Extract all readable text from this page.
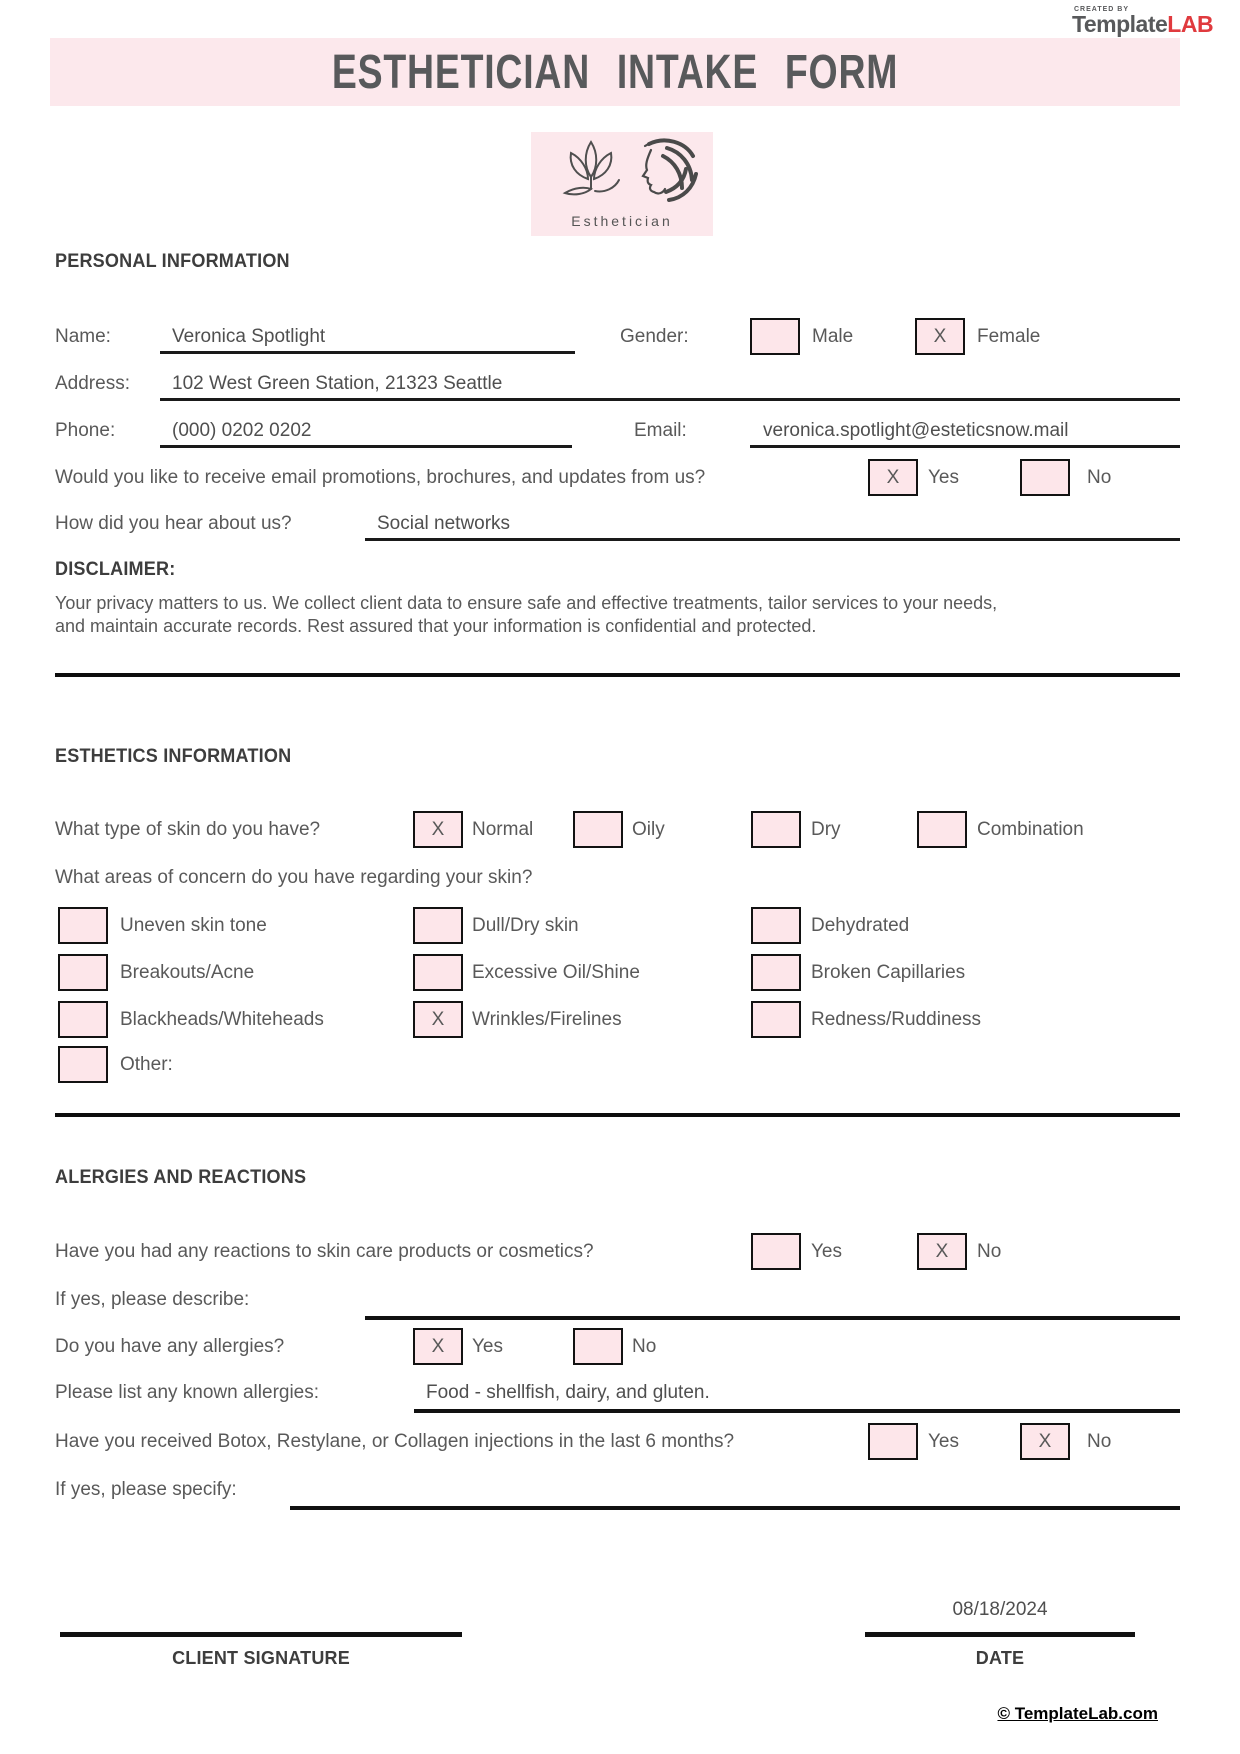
CREATED BY
TemplateLAB
ESTHETICIAN INTAKE FORM
Esthetician
PERSONAL INFORMATION
Name:	Veronica Spotlight	Gender:	Male	X	Female
Address: 102 West Green Station, 21323 Seattle
Phone:	(000) 0202 0202	Email:	veronica.spotlight@esteticsnow.mail
Would you like to receive email promotions, brochures, and updates from us?	X	Yes	No
How did you hear about us?	Social networks
DISCLAIMER:
Your privacy matters to us. We collect client data to ensure safe and effective treatments, tailor services to your needs, and maintain accurate records. Rest assured that your information is confidential and protected.
ESTHETICS INFORMATION
What type of skin do you have?	X	Normal	Oily	Dry	Combination
What areas of concern do you have regarding your skin?
Uneven skin tone	Dull/Dry skin	Dehydrated
Breakouts/Acne	Excessive Oil/Shine	Broken Capillaries
Blackheads/Whiteheads	X	Wrinkles/Firelines	Redness/Ruddiness
Other:
ALERGIES AND REACTIONS
Have you had any reactions to skin care products or cosmetics?	Yes	X	No
If yes, please describe:
Do you have any allergies?	X	Yes	No
Please list any known allergies:	Food - shellfish, dairy, and gluten.
Have you received Botox, Restylane, or Collagen injections in the last 6 months?	Yes	X	No
If yes, please specify:
08/18/2024
CLIENT SIGNATURE	DATE
© TemplateLab.com
